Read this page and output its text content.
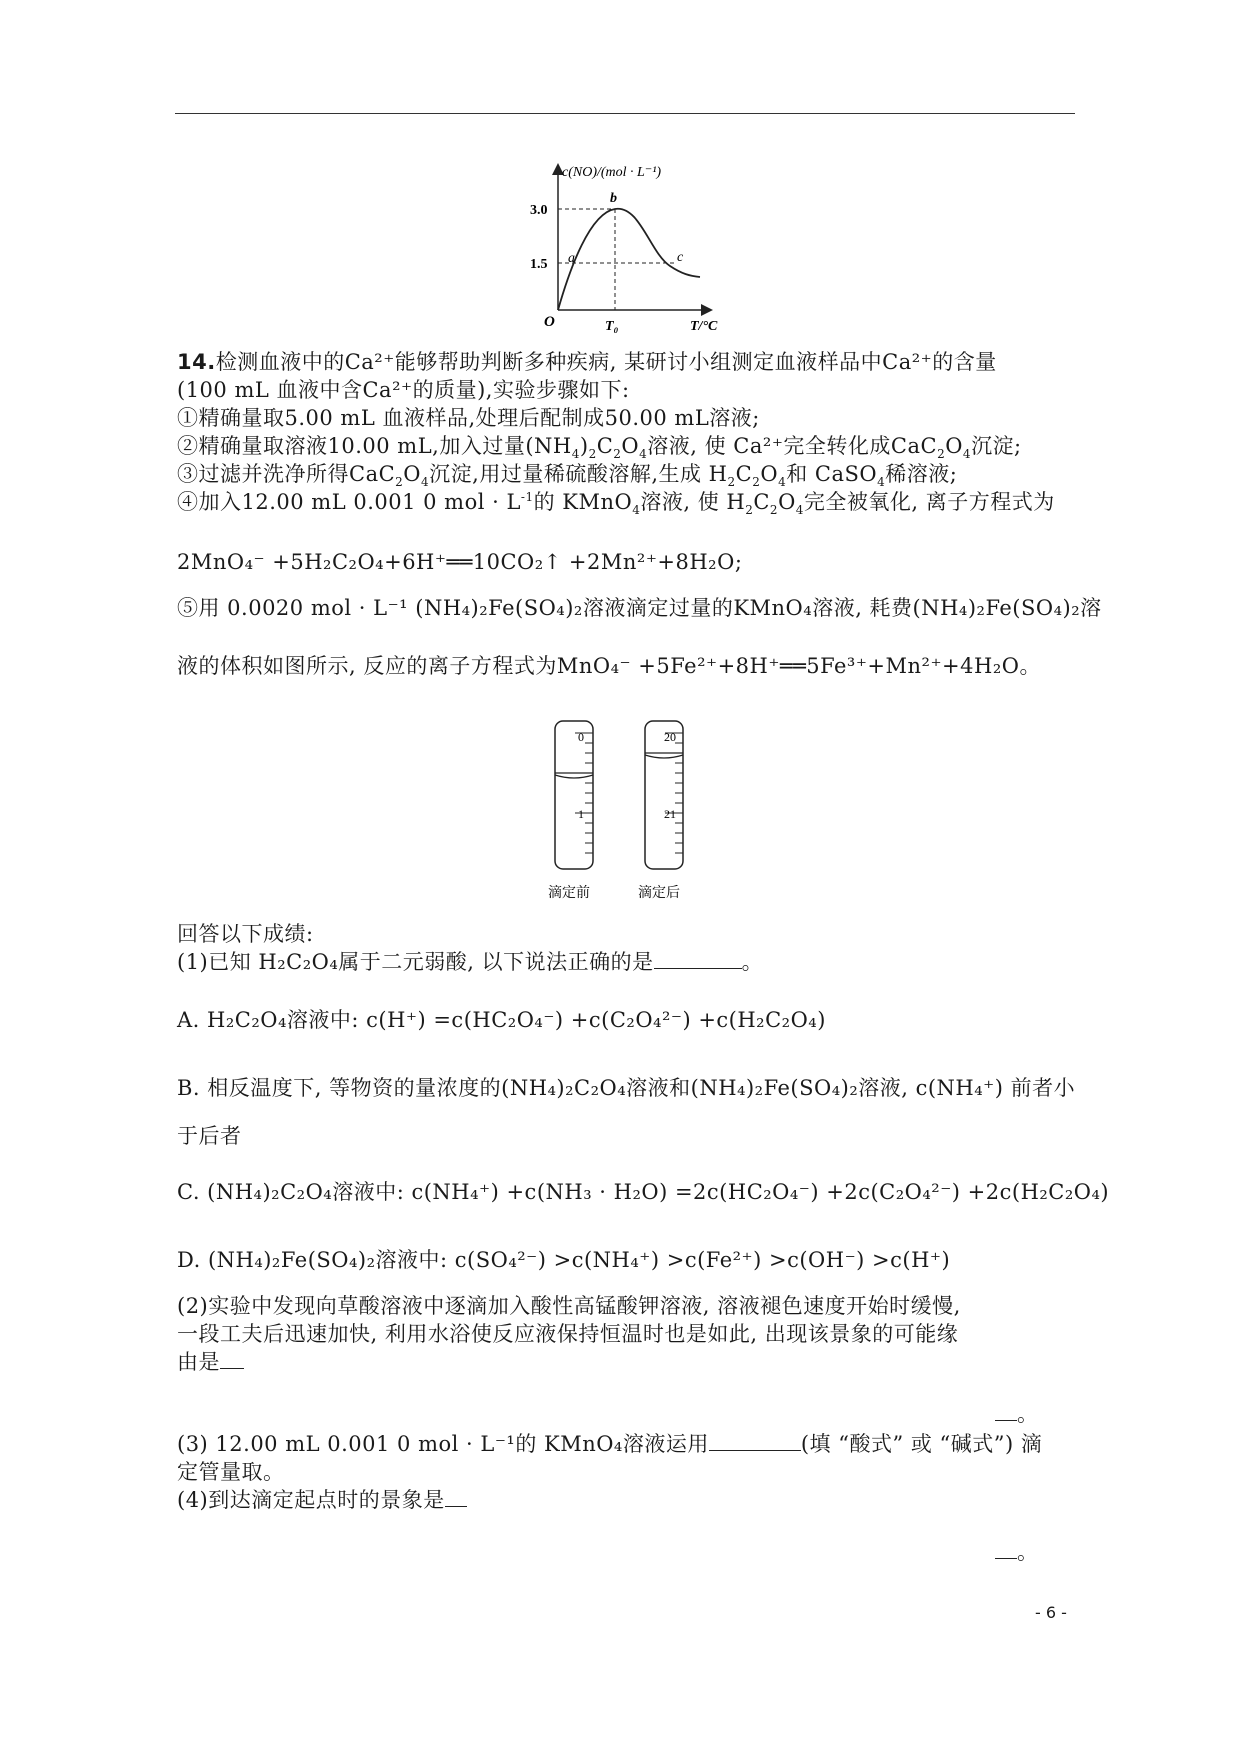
c(NO)/(mol · L⁻¹)
3.0
1.5
O	T₀	T/°C
a
b
c
0
1
20
21
滴定前	滴定后
14.检测血液中的Ca²⁺能够帮助判断多种疾病, 某研讨小组测定血液样品中Ca²⁺的含量
(100 mL 血液中含Ca²⁺的质量),实验步骤如下:
①精确量取5.00 mL 血液样品,处理后配制成50.00 mL溶液;
②精确量取溶液10.00 mL,加入过量$(NH_4)_2C_2O_4$溶液, 使 Ca²⁺完全转化成$CaC_2O_4$沉淀;
③过滤并洗净所得$CaC_2O_4$沉淀,用过量稀硫酸溶解,生成 $H_2C_2O_4$和 CaSO$_4$稀溶液;
④加入12.00 mL 0.001 0 mol · $L^{-1}$的 KMnO$_4$溶液, 使 $H_2C_2O_4$完全被氧化, 离子方程式为
2MnO₄⁻ +5H₂C₂O₄+6H⁺══10CO₂↑ +2Mn²⁺+8H₂O;
⑤用 0.0020 mol · L⁻¹ (NH₄)₂Fe(SO₄)₂溶液滴定过量的KMnO₄溶液, 耗费(NH₄)₂Fe(SO₄)₂溶
液的体积如图所示, 反应的离子方程式为MnO₄⁻ +5Fe²⁺+8H⁺══5Fe³⁺+Mn²⁺+4H₂O。
回答以下成绩:
(1)已知 H₂C₂O₄属于二元弱酸, 以下说法正确的是	。
A. H₂C₂O₄溶液中: c(H⁺) =c(HC₂O₄⁻) +c(C₂O₄²⁻) +c(H₂C₂O₄)
B. 相反温度下, 等物资的量浓度的(NH₄)₂C₂O₄溶液和(NH₄)₂Fe(SO₄)₂溶液, c(NH₄⁺) 前者小
于后者
C. (NH₄)₂C₂O₄溶液中: c(NH₄⁺) +c(NH₃ · H₂O) =2c(HC₂O₄⁻) +2c(C₂O₄²⁻) +2c(H₂C₂O₄)
D. (NH₄)₂Fe(SO₄)₂溶液中: c(SO₄²⁻) >c(NH₄⁺) >c(Fe²⁺) >c(OH⁻) >c(H⁺)
(2)实验中发现向草酸溶液中逐滴加入酸性高锰酸钾溶液, 溶液褪色速度开始时缓慢,
一段工夫后迅速加快, 利用水浴使反应液保持恒温时也是如此, 出现该景象的可能缘
由是
。
(3) 12.00 mL 0.001 0 mol · L⁻¹的 KMnO₄溶液运用	(填 “酸式” 或 “碱式”) 滴
定管量取。
(4)到达滴定起点时的景象是
。
- 6 -
